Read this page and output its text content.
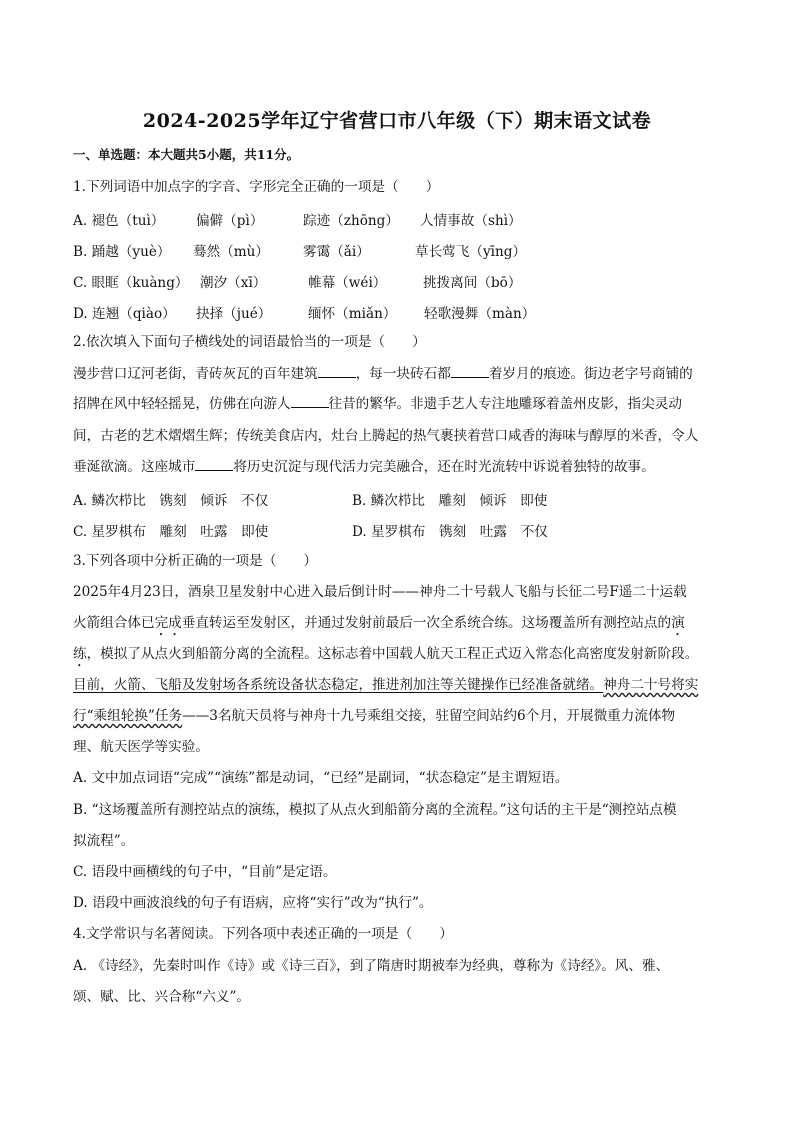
2024-2025学年辽宁省营口市八年级（下）期末语文试卷
一、单选题：本大题共5小题，共11分。
1.下列词语中加点字的字音、字形完全正确的一项是（　　）
A. 褪色（tuì） 偏僻（pì）	踪迹（zhōng） 人情事故（shì）
B. 踊越（yuè） 蓦然（mù） 雾霭（ǎi）	草长莺飞（yīng）
C. 眼眶（kuàng） 潮汐（xī）	帷幕（wéi）	挑拨离间（bō）
D. 连翘（qiào） 抉择（jué）	缅怀（miǎn） 轻歌漫舞（màn）
2.依次填入下面句子横线处的词语最恰当的一项是（　　）
漫步营口辽河老街，青砖灰瓦的百年建筑	，每一块砖石都	着岁月的痕迹。街边老字号商铺的
招牌在风中轻轻摇晃，仿佛在向游人	往昔的繁华。非遗手艺人专注地雕琢着盖州皮影，指尖灵动
间，古老的艺术熠熠生辉；传统美食店内，灶台上腾起的热气裹挟着营口咸香的海味与醇厚的米香，令人
垂涎欲滴。这座城市	将历史沉淀与现代活力完美融合，还在时光流转中诉说着独特的故事。
A. 鳞次栉比　镌刻　倾诉　不仅	B. 鳞次栉比　雕刻　倾诉　即使
C. 星罗棋布　雕刻　吐露　即使	D. 星罗棋布　镌刻　吐露　不仅
3.下列各项中分析正确的一项是（　　）
2025年4月23日，酒泉卫星发射中心进入最后倒计时——神舟二十号载人飞船与长征二号F遥二十运载
火箭组合体已完成垂直转运至发射区，并通过发射前最后一次全系统合练。这场覆盖所有测控站点的演
练，模拟了从点火到船箭分离的全流程。这标志着中国载人航天工程正式迈入常态化高密度发射新阶段。
目前，火箭、飞船及发射场各系统设备状态稳定，推进剂加注等关键操作已经准备就绪。神舟二十号将实
行“乘组轮换”任务——3名航天员将与神舟十九号乘组交接，驻留空间站约6个月，开展微重力流体物
理、航天医学等实验。
A. 文中加点词语“完成”“演练”都是动词，“已经”是副词，“状态稳定”是主谓短语。
B. “这场覆盖所有测控站点的演练，模拟了从点火到船箭分离的全流程。”这句话的主干是“测控站点模
拟流程”。
C. 语段中画横线的句子中，“目前”是定语。
D. 语段中画波浪线的句子有语病，应将“实行”改为“执行”。
4.文学常识与名著阅读。下列各项中表述正确的一项是（　　）
A. 《诗经》，先秦时叫作《诗》或《诗三百》，到了隋唐时期被奉为经典，尊称为《诗经》。风、雅、
颂、赋、比、兴合称“六义”。
